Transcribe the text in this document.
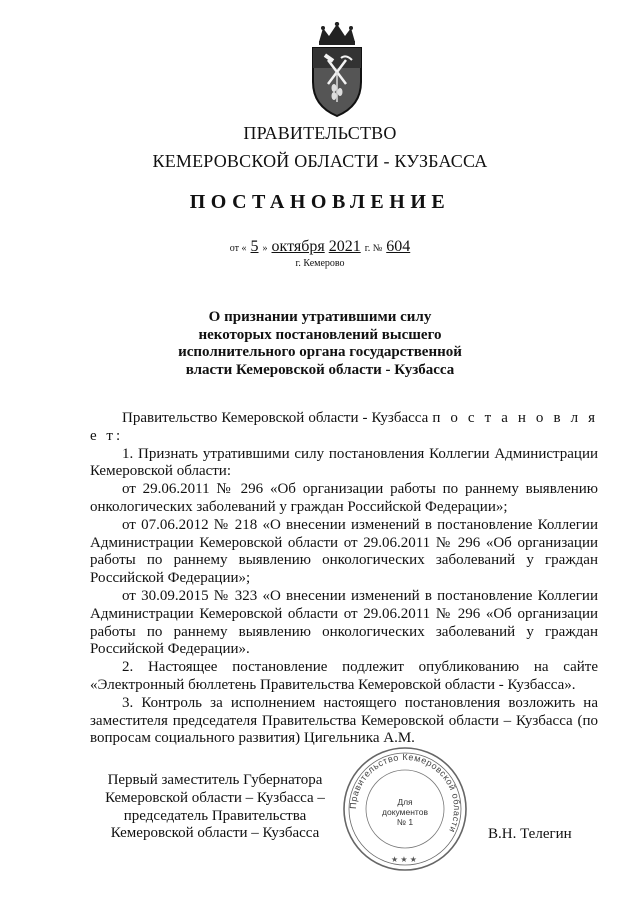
ПРАВИТЕЛЬСТВО
КЕМЕРОВСКОЙ ОБЛАСТИ - КУЗБАССА
ПОСТАНОВЛЕНИЕ
от « 5 » октября 2021 г. № 604
г. Кемерово
О признании утратившими силу
некоторых постановлений высшего
исполнительного органа государственной
власти Кемеровской области - Кузбасса

Правительство Кемеровской области - Кузбасса п о с т а н о в л я е т:

1. Признать утратившими силу постановления Коллегии Администрации Кемеровской области:

от 29.06.2011 № 296 «Об организации работы по раннему выявлению онкологических заболеваний у граждан Российской Федерации»;

от 07.06.2012 № 218 «О внесении изменений в постановление Коллегии Администрации Кемеровской области от 29.06.2011 № 296 «Об организации работы по раннему выявлению онкологических заболеваний у граждан Российской Федерации»;

от 30.09.2015 № 323 «О внесении изменений в постановление Коллегии Администрации Кемеровской области от 29.06.2011 № 296 «Об организации работы по раннему выявлению онкологических заболеваний у граждан Российской Федерации».

2. Настоящее постановление подлежит опубликованию на сайте «Электронный бюллетень Правительства Кемеровской области - Кузбасса».

3. Контроль за исполнением настоящего постановления возложить на заместителя председателя Правительства Кемеровской области – Кузбасса (по вопросам социального развития) Цигельника А.М.

Первый заместитель Губернатора
Кемеровской области – Кузбасса –
председатель Правительства
Кемеровской области – Кузбасса
Правительство Кемеровской области
★ ★ ★
Для
документов
№ 1
В.Н. Телегин
